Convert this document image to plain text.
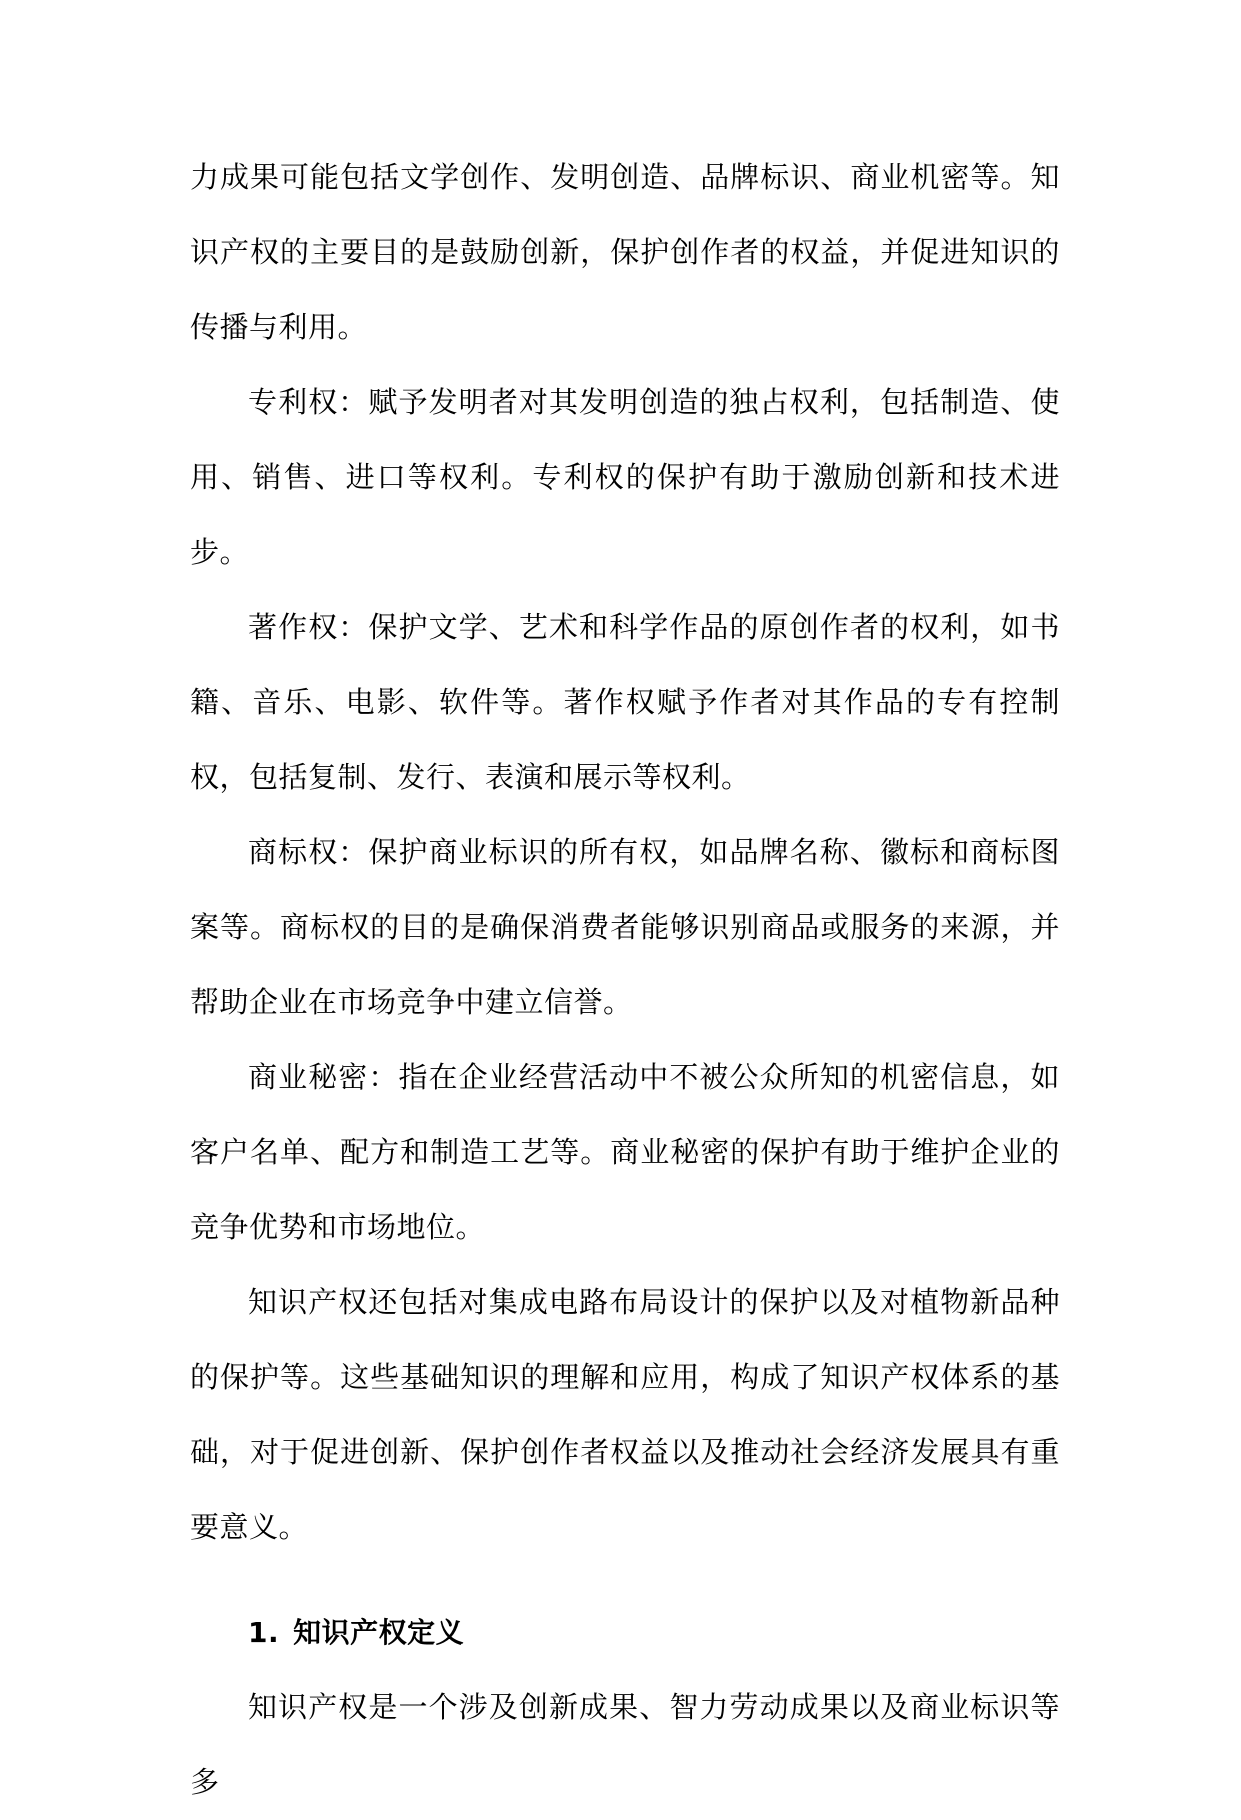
力成果可能包括文学创作、发明创造、品牌标识、商业机密等。知识产权的主要目的是鼓励创新，保护创作者的权益，并促进知识的传播与利用。

专利权：赋予发明者对其发明创造的独占权利，包括制造、使用、销售、进口等权利。专利权的保护有助于激励创新和技术进步。

著作权：保护文学、艺术和科学作品的原创作者的权利，如书籍、音乐、电影、软件等。著作权赋予作者对其作品的专有控制权，包括复制、发行、表演和展示等权利。

商标权：保护商业标识的所有权，如品牌名称、徽标和商标图案等。商标权的目的是确保消费者能够识别商品或服务的来源，并帮助企业在市场竞争中建立信誉。

商业秘密：指在企业经营活动中不被公众所知的机密信息，如客户名单、配方和制造工艺等。商业秘密的保护有助于维护企业的竞争优势和市场地位。

知识产权还包括对集成电路布局设计的保护以及对植物新品种的保护等。这些基础知识的理解和应用，构成了知识产权体系的基础，对于促进创新、保护创作者权益以及推动社会经济发展具有重要意义。

1. 知识产权定义

知识产权是一个涉及创新成果、智力劳动成果以及商业标识等多
